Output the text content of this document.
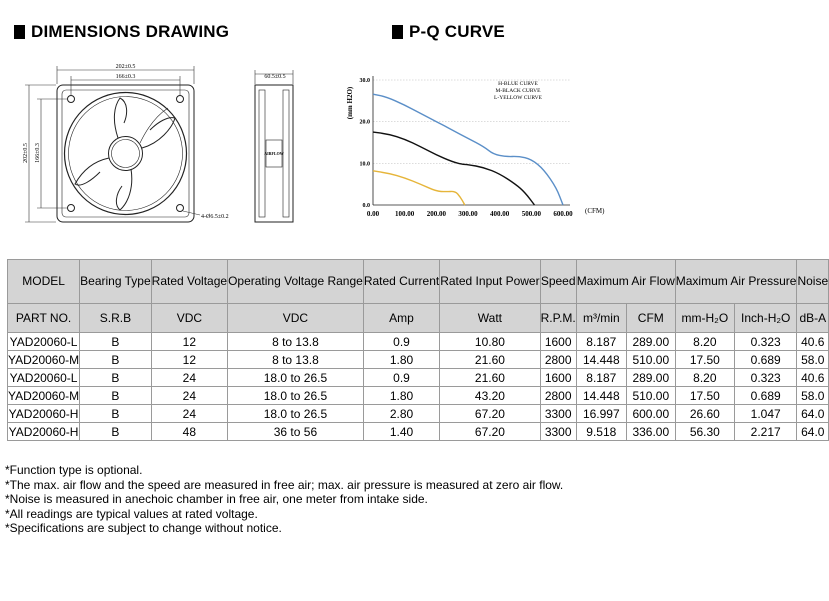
DIMENSIONS DRAWING	P-Q CURVE
202±0.5
166±0.3
202±0.5 166±0.3
4-Ø6.5±0.2
60.5±0.5
AIRFLOW
0.0
10.0
20.0
30.0
0.00 100.00 200.00 300.00 400.00 500.00 600.00
(mm H2O)
(CFM)
H-BLUE CURVE
M-BLACK CURVE
L-YELLOW CURVE
MODEL	Bearing Type	Rated Voltage	Operating Voltage Range	Rated Current	Rated Input Power	Speed	Maximum Air Flow		Maximum Air Pressure		Noise
PART NO.	S.R.B	VDC	VDC	Amp	Watt	R.P.M.	m³/min	CFM	mm-H₂O	Inch-H₂O	dB-A
YAD20060-L	B	12	8 to 13.8	0.9	10.80	1600	8.187	289.00	8.20	0.323	40.6
YAD20060-M	B	12	8 to 13.8	1.80	21.60	2800	14.448	510.00	17.50	0.689	58.0
YAD20060-L	B	24	18.0 to 26.5	0.9	21.60	1600	8.187	289.00	8.20	0.323	40.6
YAD20060-M	B	24	18.0 to 26.5	1.80	43.20	2800	14.448	510.00	17.50	0.689	58.0
YAD20060-H	B	24	18.0 to 26.5	2.80	67.20	3300	16.997	600.00	26.60	1.047	64.0
YAD20060-H	B	48	36 to 56	1.40	67.20	3300	9.518	336.00	56.30	2.217	64.0
*Function type is optional.
*The max. air flow and the speed are measured in free air; max. air pressure is measured at zero air flow.
*Noise is measured in anechoic chamber in free air, one meter from intake side.
*All readings are typical values at rated voltage.
*Specifications are subject to change without notice.
